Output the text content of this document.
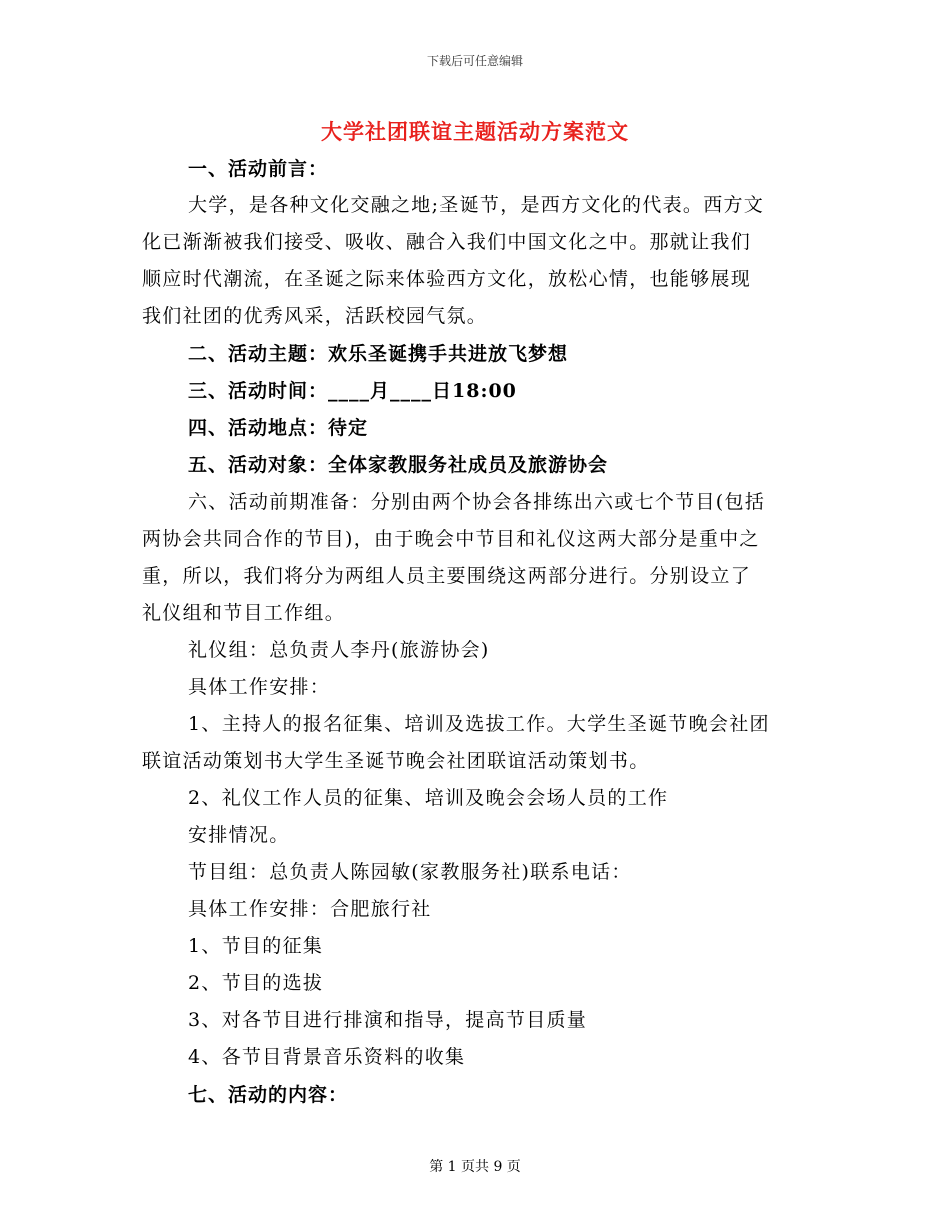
下载后可任意编辑
大学社团联谊主题活动方案范文
一、活动前言：
大学，是各种文化交融之地;圣诞节，是西方文化的代表。西方文
化已渐渐被我们接受、吸收、融合入我们中国文化之中。那就让我们
顺应时代潮流，在圣诞之际来体验西方文化，放松心情，也能够展现
我们社团的优秀风采，活跃校园气氛。
二、活动主题：欢乐圣诞携手共进放飞梦想
三、活动时间：____月____日18:00
四、活动地点：待定
五、活动对象：全体家教服务社成员及旅游协会
六、活动前期准备：分别由两个协会各排练出六或七个节目(包括
两协会共同合作的节目)，由于晚会中节目和礼仪这两大部分是重中之
重，所以，我们将分为两组人员主要围绕这两部分进行。分别设立了
礼仪组和节目工作组。
礼仪组：总负责人李丹(旅游协会)
具体工作安排：
1、主持人的报名征集、培训及选拔工作。大学生圣诞节晚会社团
联谊活动策划书大学生圣诞节晚会社团联谊活动策划书。
2、礼仪工作人员的征集、培训及晚会会场人员的工作
安排情况。
节目组：总负责人陈园敏(家教服务社)联系电话：
具体工作安排：合肥旅行社
1、节目的征集
2、节目的选拔
3、对各节目进行排演和指导，提高节目质量
4、各节目背景音乐资料的收集
七、活动的内容：
第 1 页共 9 页
